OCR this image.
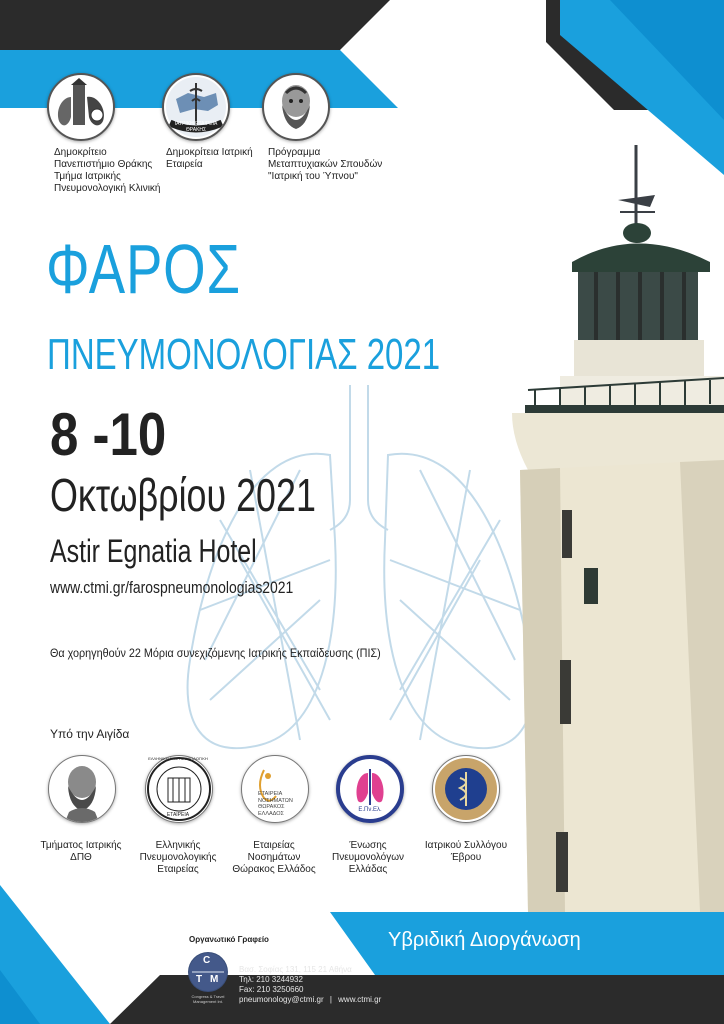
ΙΑΤΡΙΚΗ ΕΤΑΙΡΕΙΑ ΘΡΑΚΗΣ
Δημοκρίτειο
Πανεπιστήμιο Θράκης
Τμήμα Ιατρικής
Πνευμονολογική Κλινική
Δημοκρίτεια Ιατρική
Εταιρεία
Πρόγραμμα
Μεταπτυχιακών Σπουδών
"Ιατρική του Ύπνου"
ΦΑΡΟΣ
ΠΝΕΥΜΟΝΟΛΟΓΙΑΣ 2021
8 -10
Οκτωβρίου 2021
Astir Egnatia Hotel
www.ctmi.gr/farospneumonologias2021
Θα χορηγηθούν 22 Μόρια συνεχιζόμενης Ιατρικής Εκπαίδευσης (ΠΙΣ)
Υπό την Αιγίδα
ΕΛΛΗΝΙΚΗ ΠΝΕΥΜΟΝΟΛΟΓΙΚΗ
ΕΤΑΙΡΕΙΑ
ΕΤΑΙΡΕΙΑ
ΝΟΣΗΜΑΤΩΝ
ΘΩΡΑΚΟΣ
ΕΛΛΑΔΟΣ
Ε.Πν.Ελ.
Τμήματος Ιατρικής
ΔΠΘ
Ελληνικής
Πνευμονολογικής
Εταιρείας
Εταιρείας
Νοσημάτων
Θώρακος Ελλάδος
Ένωσης
Πνευμονολόγων
Ελλάδας
Ιατρικού Συλλόγου
Έβρου
Οργανωτικό Γραφείο
C
T M
Congress & Travel
Management Int.
C.T.M.International S.A.
Βασ. Σοφίας 131, 115 21 Αθήνα
Τηλ: 210 3244932
Fax: 210 3250660
pneumonology@ctmi.gr | www.ctmi.gr
Υβριδική Διοργάνωση
